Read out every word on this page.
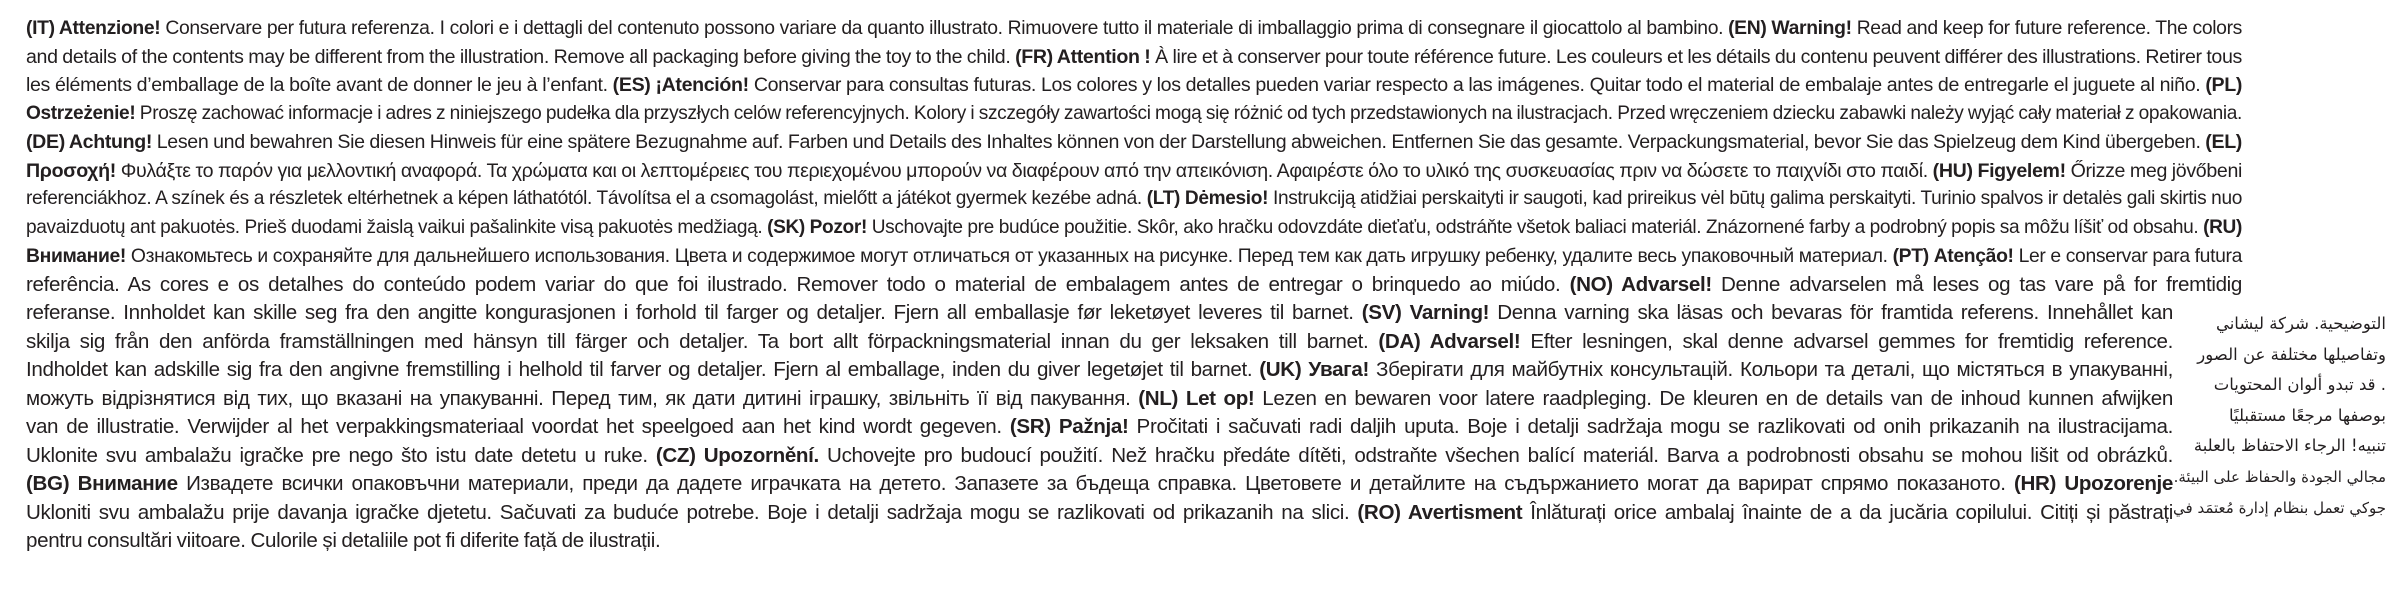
(IT) Attenzione! Conservare per futura referenza. I colori e i dettagli del contenuto possono variare da quanto illustrato. Rimuovere tutto il materiale di imballaggio prima di consegnare il giocattolo al bambino. (EN) Warning! Read and keep for future reference. The colors
and details of the contents may be different from the illustration. Remove all packaging before giving the toy to the child. (FR) Attention ! À lire et à conserver pour toute référence future. Les couleurs et les détails du contenu peuvent différer des illustrations. Retirer tous
les éléments d’emballage de la boîte avant de donner le jeu à l’enfant. (ES) ¡Atención! Conservar para consultas futuras. Los colores y los detalles pueden variar respecto a las imágenes. Quitar todo el material de embalaje antes de entregarle el juguete al niño. (PL)
Ostrzeżenie! Proszę zachować informacje i adres z niniejszego pudełka dla przyszłych celów referencyjnych. Kolory i szczegóły zawartości mogą się różnić od tych przedstawionych na ilustracjach. Przed wręczeniem dziecku zabawki należy wyjąć cały materiał z opakowania.
(DE) Achtung! Lesen und bewahren Sie diesen Hinweis für eine spätere Bezugnahme auf. Farben und Details des Inhaltes können von der Darstellung abweichen. Entfernen Sie das gesamte. Verpackungsmaterial, bevor Sie das Spielzeug dem Kind übergeben. (EL)
Προσοχή! Φυλάξτε το παρόν για μελλοντική αναφορά. Τα χρώματα και οι λεπτομέρειες του περιεχομένου μπορούν να διαφέρουν από την απεικόνιση. Αφαιρέστε όλο το υλικό της συσκευασίας πριν να δώσετε το παιχνίδι στο παιδί. (HU) Figyelem! Őrizze meg jövőbeni
referenciákhoz. A színek és a részletek eltérhetnek a képen láthatótól. Távolítsa el a csomagolást, mielőtt a játékot gyermek kezébe adná. (LT) Dėmesio! Instrukciją atidžiai perskaityti ir saugoti, kad prireikus vėl būtų galima perskaityti. Turinio spalvos ir detalės gali skirtis nuo
pavaizduotų ant pakuotės. Prieš duodami žaislą vaikui pašalinkite visą pakuotės medžiagą. (SK) Pozor! Uschovajte pre budúce použitie. Skôr, ako hračku odovzdáte dieťaťu, odstráňte všetok baliaci materiál. Znázornené farby a podrobný popis sa môžu líšiť od obsahu. (RU)
Внимание! Ознакомьтесь и сохраняйте для дальнейшего использования. Цвета и содержимое могут отличаться от указанных на рисунке. Перед тем как дать игрушку ребенку, удалите весь упаковочный материал. (PT) Atenção! Ler e conservar para futura
referência. As cores e os detalhes do conteúdo podem variar do que foi ilustrado. Remover todo o material de embalagem antes de entregar o brinquedo ao miúdo. (NO) Advarsel! Denne advarselen må leses og tas vare på for fremtidig
referanse. Innholdet kan skille seg fra den angitte kongurasjonen i forhold til farger og detaljer. Fjern all emballasje før leketøyet leveres til barnet. (SV) Varning! Denna varning ska läsas och bevaras för framtida referens. Innehållet kan
skilja sig från den anförda framställningen med hänsyn till färger och detaljer. Ta bort allt förpackningsmaterial innan du ger leksaken till barnet. (DA) Advarsel! Efter lesningen, skal denne advarsel gemmes for fremtidig reference.
Indholdet kan adskille sig fra den angivne fremstilling i helhold til farver og detaljer. Fjern al emballage, inden du giver legetøjet til barnet. (UK) Увага! Зберігати для майбутніх консультацій. Кольори та деталі, що містяться в упакуванні,
можуть відрізнятися від тих, що вказані на упакуванні. Перед тим, як дати дитині іграшку, звільніть її від пакування. (NL) Let op! Lezen en bewaren voor latere raadpleging. De kleuren en de details van de inhoud kunnen afwijken
van de illustratie. Verwijder al het verpakkingsmateriaal voordat het speelgoed aan het kind wordt gegeven. (SR) Pažnja! Pročitati i sačuvati radi daljih uputa. Boje i detalji sadržaja mogu se razlikovati od onih prikazanih na ilustracijama.
Uklonite svu ambalažu igračke pre nego što istu date detetu u ruke. (CZ) Upozornění. Uchovejte pro budoucí použití. Než hračku předáte dítěti, odstraňte všechen balící materiál. Barva a podrobnosti obsahu se mohou lišit od obrázků.
(BG) Внимание Извадете всички опаковъчни материали, преди да дадете играчката на детето. Запазете за бъдеща справка. Цветовете и детайлите на съдържанието могат да варират спрямо показаното. (HR) Upozorenje
Ukloniti svu ambalažu prije davanja igračke djetetu. Sačuvati za buduće potrebe. Boje i detalji sadržaja mogu se razlikovati od prikazanih na slici. (RO) Avertisment Înlăturați orice ambalaj înainte de a da jucăria copilului. Citiți și păstrați
pentru consultări viitoare. Culorile și detaliile pot fi diferite față de ilustrații.
التوضيحية. شركة ليشاني
وتفاصيلها مختلفة عن الصور
. قد تبدو ألوان المحتويات
بوصفها مرجعًا مستقبليًا
تنبيه! الرجاء الاحتفاظ بالعلبة
مجالي الجودة والحفاظ على البيئة.
جوكي تعمل بنظام إدارة مُعتمَد في
